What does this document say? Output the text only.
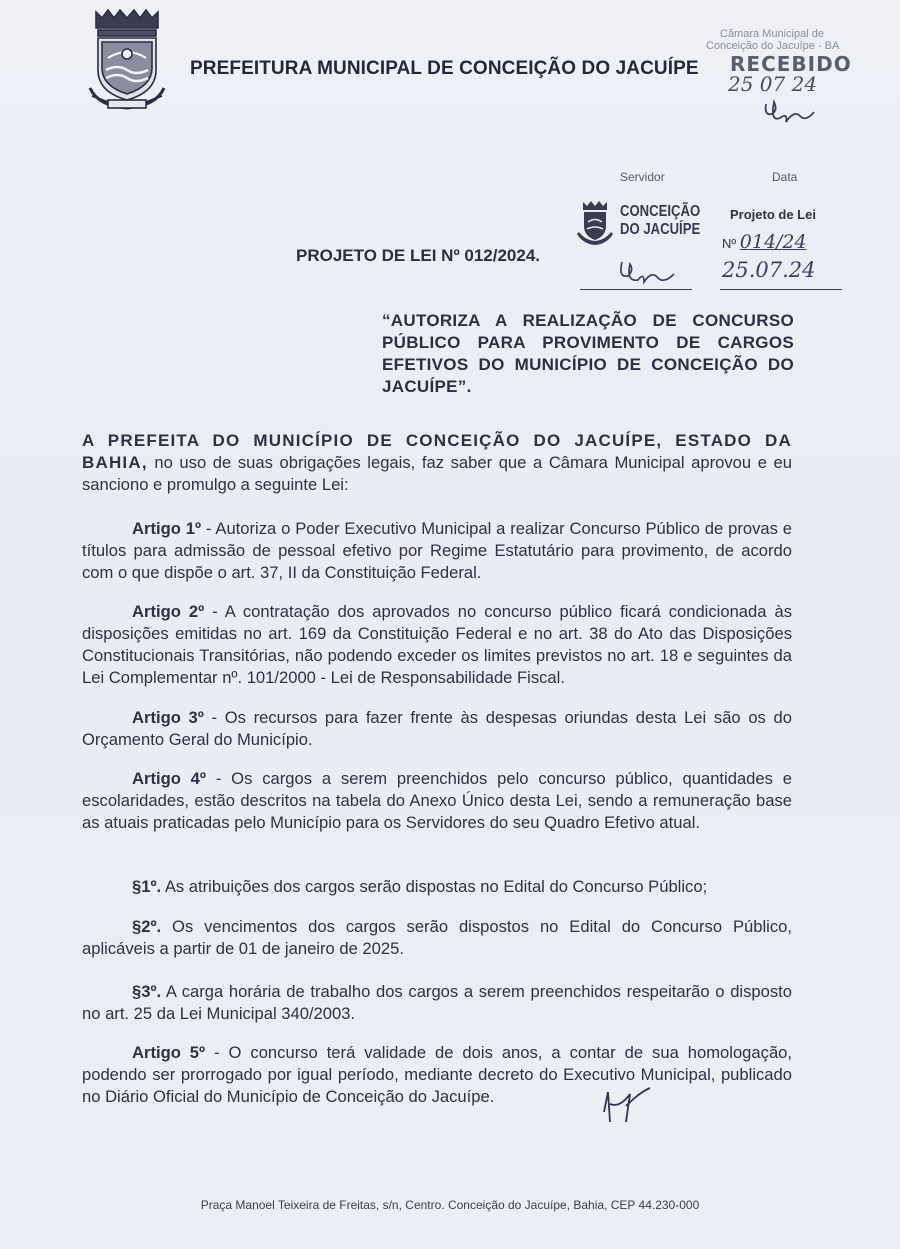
PREFEITURA MUNICIPAL DE CONCEIÇÃO DO JACUÍPE
Câmara Municipal de
Conceição do Jacuípe - BA
RECEBIDO
25 07 24
Servidor	Data
CONCEIÇÃO
DO JACUÍPE
Projeto de Lei
Nº 014/24
PROJETO DE LEI Nº 012/2024.
25.07.24
“AUTORIZA A REALIZAÇÃO DE CONCURSO PÚBLICO PARA PROVIMENTO DE CARGOS EFETIVOS DO MUNICÍPIO DE CONCEIÇÃO DO JACUÍPE”.
A PREFEITA DO MUNICÍPIO DE CONCEIÇÃO DO JACUÍPE, ESTADO DA BAHIA, no uso de suas obrigações legais, faz saber que a Câmara Municipal aprovou e eu sanciono e promulgo a seguinte Lei:
Artigo 1º - Autoriza o Poder Executivo Municipal a realizar Concurso Público de provas e títulos para admissão de pessoal efetivo por Regime Estatutário para provimento, de acordo com o que dispõe o art. 37, II da Constituição Federal.
Artigo 2º - A contratação dos aprovados no concurso público ficará condicionada às disposições emitidas no art. 169 da Constituição Federal e no art. 38 do Ato das Disposições Constitucionais Transitórias, não podendo exceder os limites previstos no art. 18 e seguintes da Lei Complementar nº. 101/2000 - Lei de Responsabilidade Fiscal.
Artigo 3º - Os recursos para fazer frente às despesas oriundas desta Lei são os do Orçamento Geral do Município.
Artigo 4º - Os cargos a serem preenchidos pelo concurso público, quantidades e escolaridades, estão descritos na tabela do Anexo Único desta Lei, sendo a remuneração base as atuais praticadas pelo Município para os Servidores do seu Quadro Efetivo atual.
§1º. As atribuições dos cargos serão dispostas no Edital do Concurso Público;
§2º. Os vencimentos dos cargos serão dispostos no Edital do Concurso Público, aplicáveis a partir de 01 de janeiro de 2025.
§3º. A carga horária de trabalho dos cargos a serem preenchidos respeitarão o disposto no art. 25 da Lei Municipal 340/2003.
Artigo 5º - O concurso terá validade de dois anos, a contar de sua homologação, podendo ser prorrogado por igual período, mediante decreto do Executivo Municipal, publicado no Diário Oficial do Município de Conceição do Jacuípe.
Praça Manoel Teixeira de Freitas, s/n, Centro. Conceição do Jacuípe, Bahia, CEP 44.230-000
